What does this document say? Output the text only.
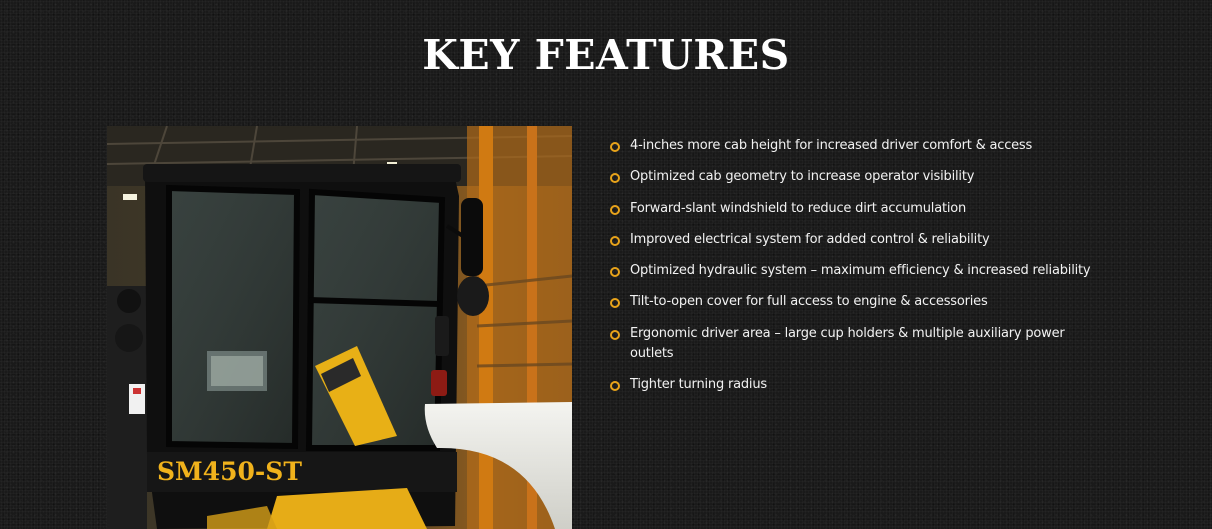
KEY FEATURES
SM450-ST
4-inches more cab height for increased driver comfort & access
Optimized cab geometry to increase operator visibility
Forward-slant windshield to reduce dirt accumulation
Improved electrical system for added control & reliability
Optimized hydraulic system – maximum efficiency & increased reliability
Tilt-to-open cover for full access to engine & accessories
Ergonomic driver area – large cup holders & multiple auxiliary power outlets
Tighter turning radius
